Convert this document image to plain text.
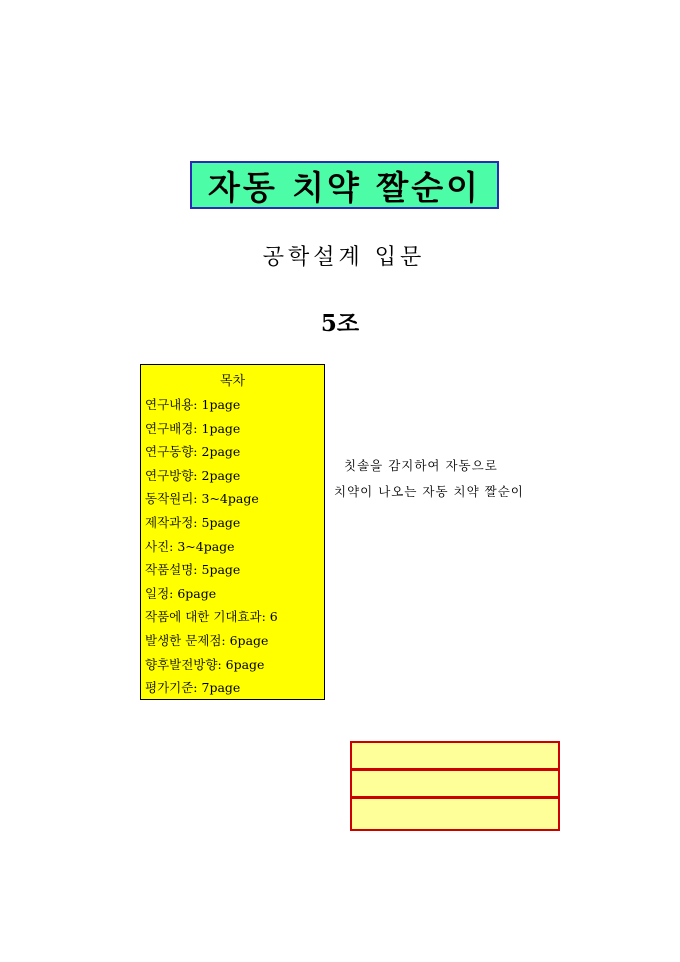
자동 치약 짤순이
공학설계 입문
5조
목차
연구내용: 1page
연구배경: 1page
연구동향: 2page
연구방향: 2page
동작원리: 3~4page
제작과정: 5page
사진: 3~4page
작품설명: 5page
일정: 6page
작품에 대한 기대효과: 6
발생한 문제점: 6page
향후발전방향: 6page
평가기준: 7page
칫솔을 감지하여 자동으로
치약이 나오는 자동 치약 짤순이
